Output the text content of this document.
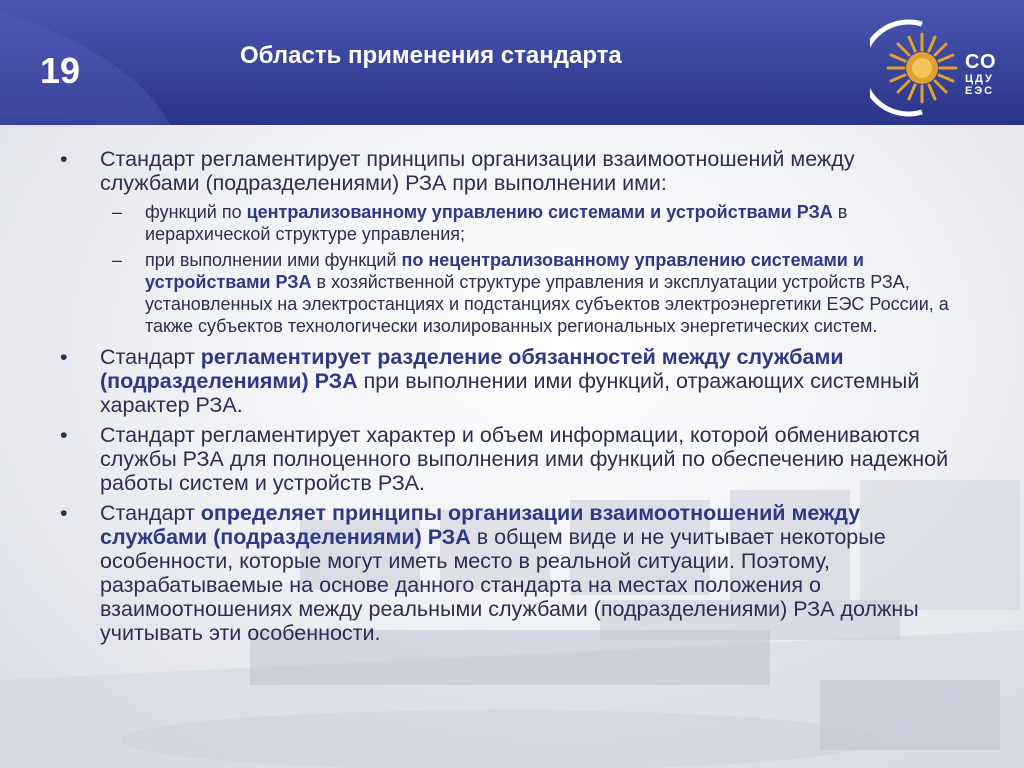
19	Область применения стандарта	СО
ЦДУ
ЕЭС
• Стандарт регламентирует принципы организации взаимоотношений между службами (подразделениями) РЗА при выполнении ими:
– функций по централизованному управлению системами и устройствами РЗА в иерархической структуре управления;
– при выполнении ими функций по нецентрализованному управлению системами и устройствами РЗА в хозяйственной структуре управления и эксплуатации устройств РЗА, установленных на электростанциях и подстанциях субъектов электроэнергетики ЕЭС России, а также субъектов технологически изолированных региональных энергетических систем.
• Стандарт регламентирует разделение обязанностей между службами (подразделениями) РЗА при выполнении ими функций, отражающих системный характер РЗА.
• Стандарт регламентирует характер и объем информации, которой обмениваются службы РЗА для полноценного выполнения ими функций по обеспечению надежной работы систем и устройств РЗА.
• Стандарт определяет принципы организации взаимоотношений между службами (подразделениями) РЗА в общем виде и не учитывает некоторые особенности, которые могут иметь место в реальной ситуации. Поэтому, разрабатываемые на основе данного стандарта на местах положения о взаимоотношениях между реальными службами (подразделениями) РЗА должны учитывать эти особенности.
